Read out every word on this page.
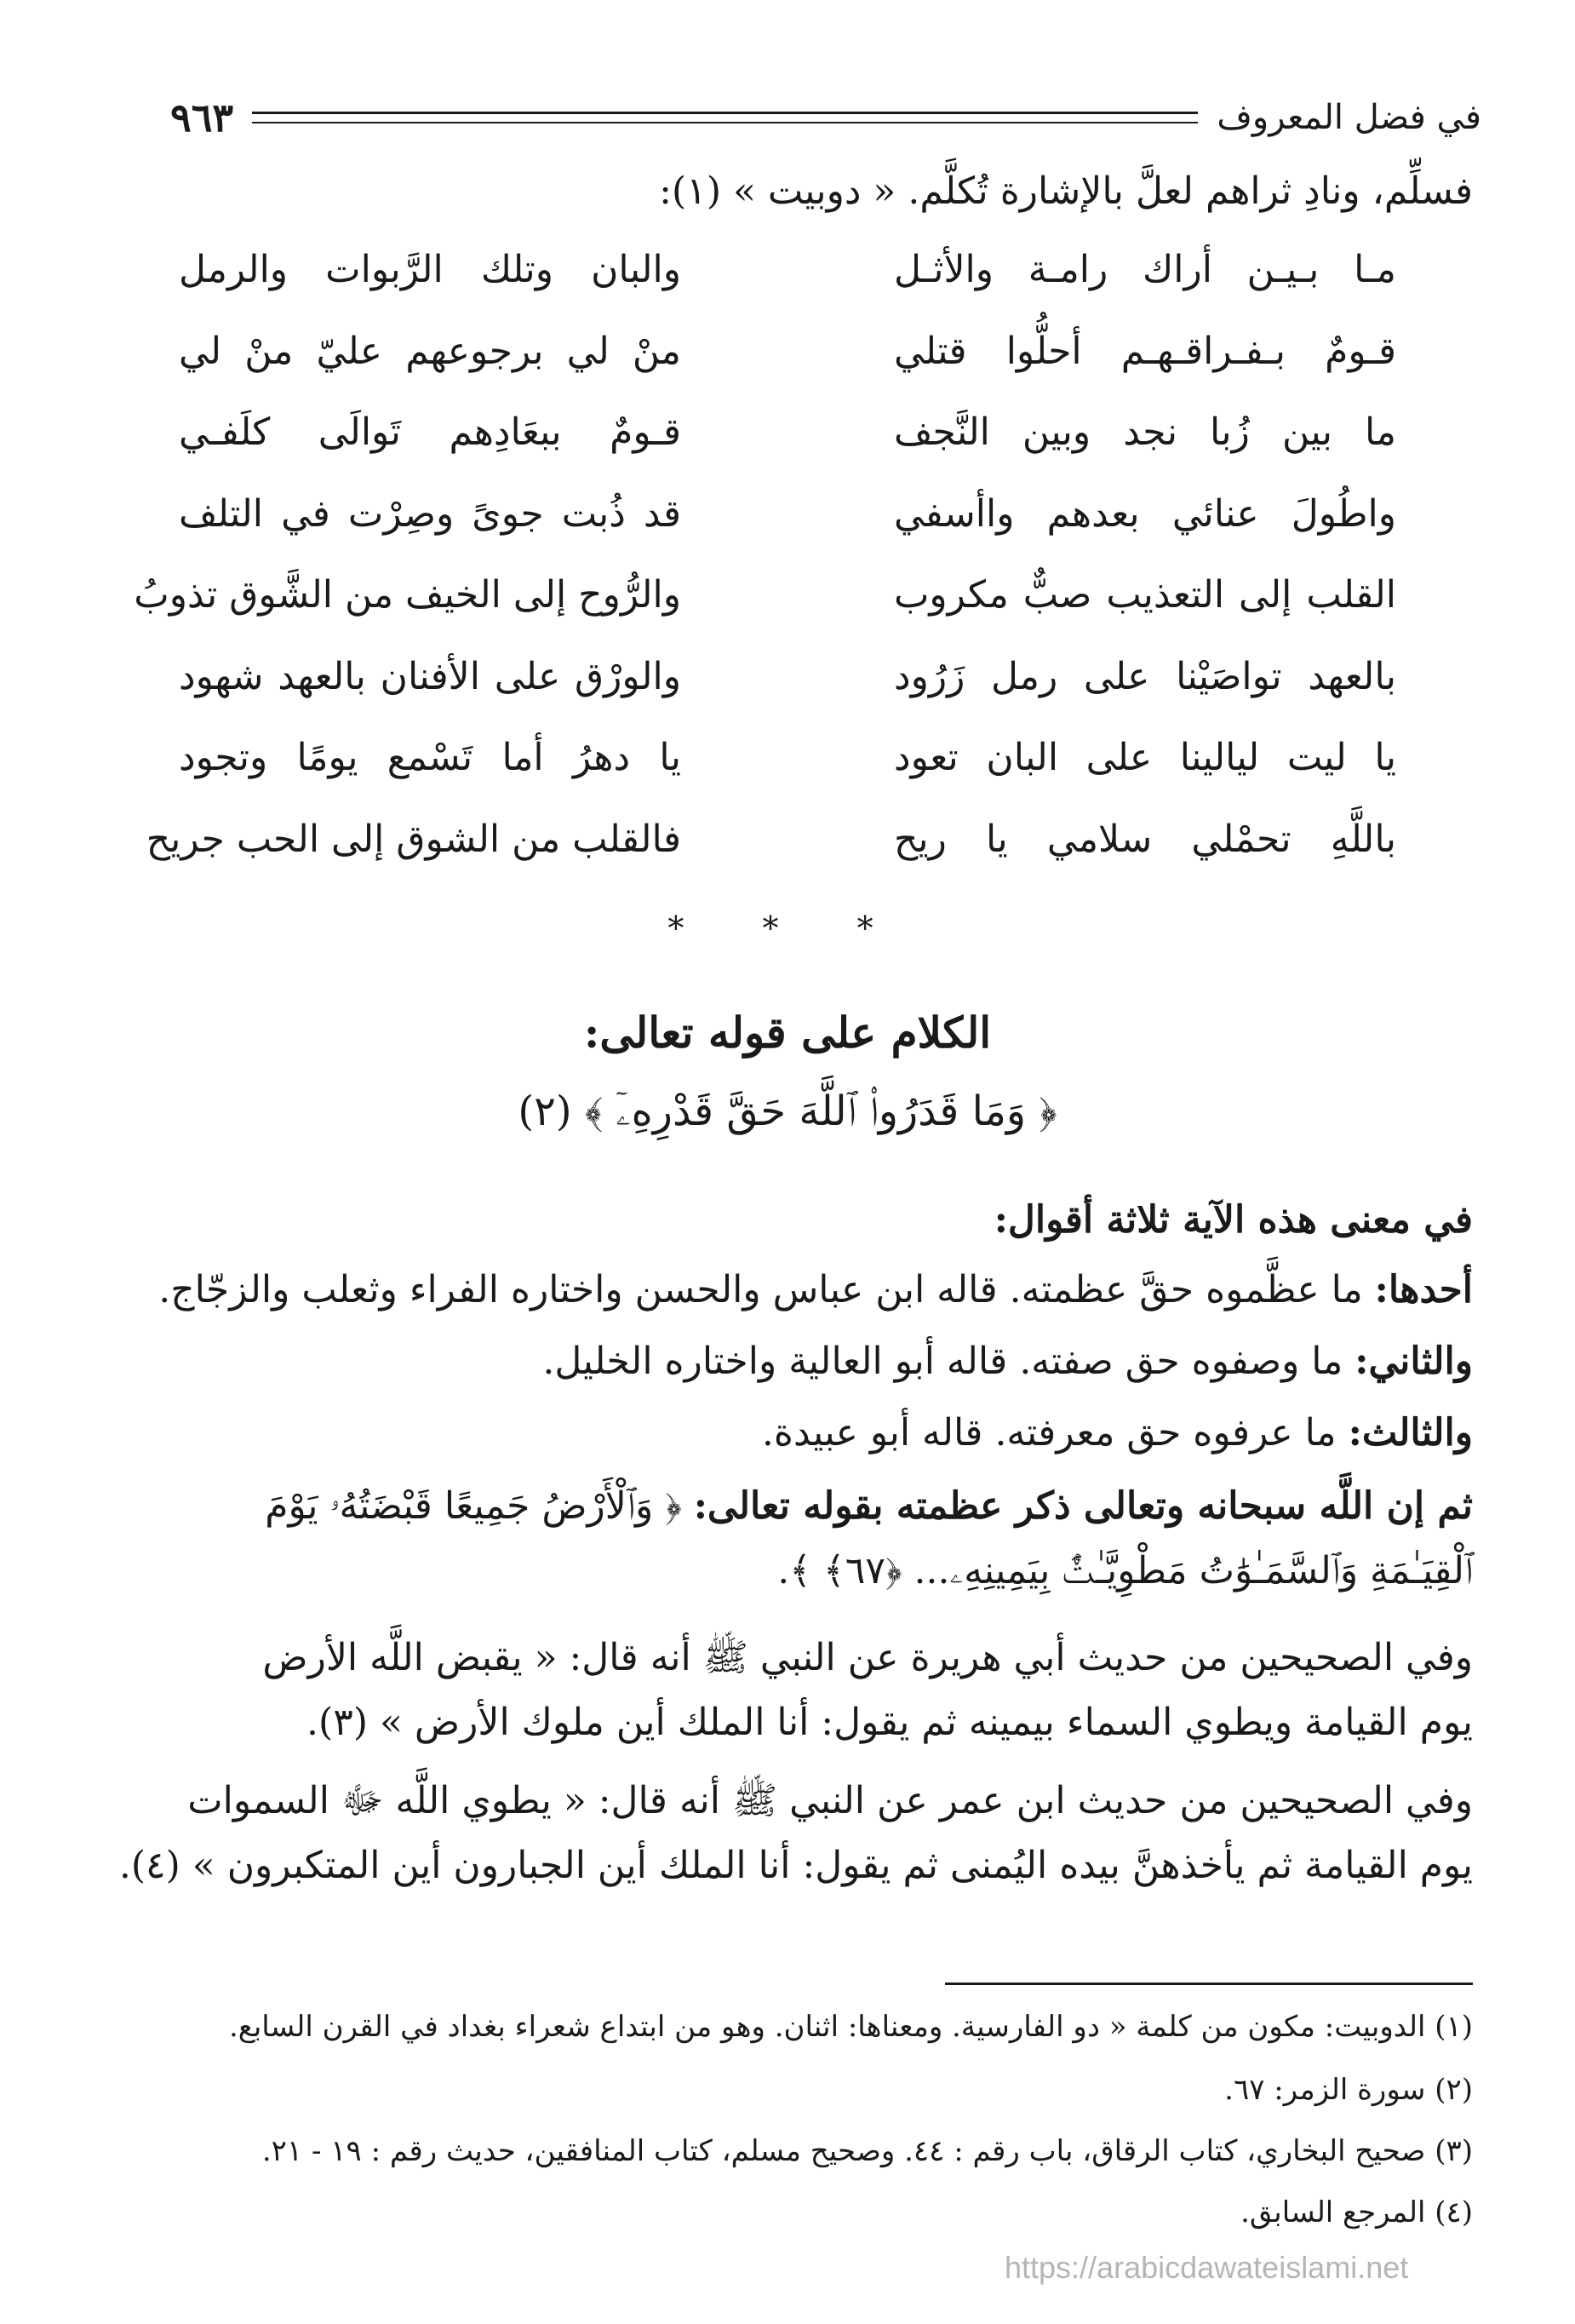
في فضل المعروف
٩٦٣
فسلِّم، ونادِ ثراهم لعلَّ بالإشارة تُكلَّم. « دوبيت » (١):
مـا بـيـن أراك رامـة والأثـل
والبان وتلك الرَّبوات والرمل
قـومٌ بـفـراقـهـم أحلُّوا قتلي
منْ لي برجوعهم عليّ منْ لي
ما بين زُبا نجد وبين النَّجف
قـومٌ ببعَادِهم تَوالَى كلَفـي
واطُولَ عنائي بعدهم واأسفي
قد ذُبت جوىً وصِرْت في التلف
القلب إلى التعذيب صبٌّ مكروب
والرُّوح إلى الخيف من الشَّوق تذوبُ
بالعهد تواصَيْنا على رمل زَرُود
والورْق على الأفنان بالعهد شهود
يا ليت ليالينا على البان تعود
يا دهرُ أما تَسْمع يومًا وتجود
باللَّهِ تحمْلي سلامي يا ريح
فالقلب من الشوق إلى الحب جريح
* * *
الكلام على قوله تعالى:
﴿ وَمَا قَدَرُوا۟ ٱللَّهَ حَقَّ قَدْرِهِۦٓ ﴾ (٢)
في معنى هذه الآية ثلاثة أقوال:
أحدها: ما عظَّموه حقَّ عظمته. قاله ابن عباس والحسن واختاره الفراء وثعلب والزجّاج.
والثاني: ما وصفوه حق صفته. قاله أبو العالية واختاره الخليل.
والثالث: ما عرفوه حق معرفته. قاله أبو عبيدة.
ثم إن اللَّه سبحانه وتعالى ذكر عظمته بقوله تعالى: ﴿ وَٱلْأَرْضُ جَمِيعًا قَبْضَتُهُۥ يَوْمَ
ٱلْقِيَـٰمَةِ وَٱلسَّمَـٰوَٰتُ مَطْوِيَّـٰتٌۢ بِيَمِينِهِۦ... ﴿٦٧﴾ ﴾.
وفي الصحيحين من حديث أبي هريرة عن النبي ﷺ أنه قال: « يقبض اللَّه الأرض
يوم القيامة ويطوي السماء بيمينه ثم يقول: أنا الملك أين ملوك الأرض » (٣).
وفي الصحيحين من حديث ابن عمر عن النبي ﷺ أنه قال: « يطوي اللَّه ﷻ السموات
يوم القيامة ثم يأخذهنَّ بيده اليُمنى ثم يقول: أنا الملك أين الجبارون أين المتكبرون » (٤).
(١) الدوبيت: مكون من كلمة « دو الفارسية. ومعناها: اثنان. وهو من ابتداع شعراء بغداد في القرن السابع.
(٢) سورة الزمر: ٦٧.
(٣) صحيح البخاري، كتاب الرقاق، باب رقم : ٤٤. وصحيح مسلم، كتاب المنافقين، حديث رقم : ١٩ - ٢١.
(٤) المرجع السابق.
https://arabicdawateislami.net
